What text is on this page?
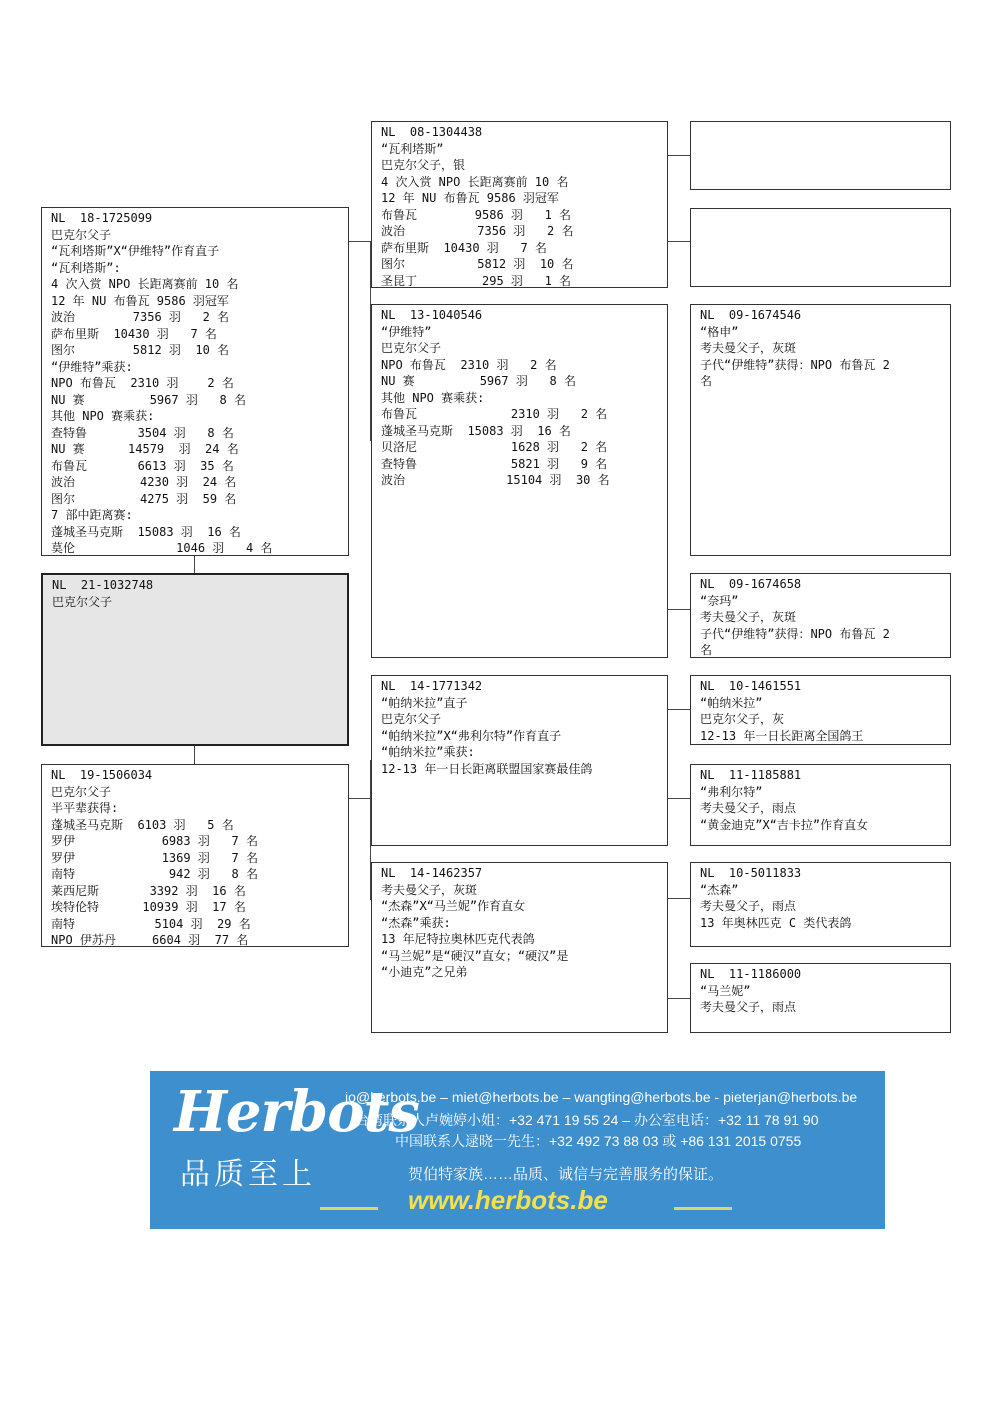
NL  18-1725099
巴克尔父子
“瓦利塔斯”X“伊维特”作育直子
“瓦利塔斯”:
4 次入赏 NPO 长距离赛前 10 名
12 年 NU 布鲁瓦 9586 羽冠军
波治        7356 羽   2 名
萨布里斯  10430 羽   7 名
图尔        5812 羽  10 名
“伊维特”乘获:
NPO 布鲁瓦  2310 羽    2 名
NU 赛         5967 羽   8 名
其他 NPO 赛乘获:
查特鲁       3504 羽   8 名
NU 赛      14579  羽  24 名
布鲁瓦       6613 羽  35 名
波治         4230 羽  24 名
图尔         4275 羽  59 名
7 部中距离赛:
蓬城圣马克斯  15083 羽  16 名
莫伦              1046 羽   4 名
NL  21-1032748
巴克尔父子
NL  19-1506034
巴克尔父子
半平辈获得:
蓬城圣马克斯  6103 羽   5 名
罗伊            6983 羽   7 名
罗伊            1369 羽   7 名
南特             942 羽   8 名
莱西尼斯       3392 羽  16 名
埃特伦特      10939 羽  17 名
南特           5104 羽  29 名
NPO 伊苏丹     6604 羽  77 名
NL  08-1304438
“瓦利塔斯”
巴克尔父子，银
4 次入赏 NPO 长距离赛前 10 名
12 年 NU 布鲁瓦 9586 羽冠军
布鲁瓦        9586 羽   1 名
波治          7356 羽   2 名
萨布里斯  10430 羽   7 名
图尔          5812 羽  10 名
圣昆丁         295 羽   1 名
NL  13-1040546
“伊维特”
巴克尔父子
NPO 布鲁瓦  2310 羽   2 名
NU 赛         5967 羽   8 名
其他 NPO 赛乘获:
布鲁瓦             2310 羽   2 名
蓬城圣马克斯  15083 羽  16 名
贝洛尼             1628 羽   2 名
查特鲁             5821 羽   9 名
波治              15104 羽  30 名
NL  14-1771342
“帕纳米拉”直子
巴克尔父子
“帕纳米拉”X“弗利尔特”作育直子
“帕纳米拉”乘获:
12-13 年一日长距离联盟国家赛最佳鸽
NL  14-1462357
考夫曼父子，灰斑
“杰森”X“马兰妮”作育直女
“杰森”乘获:
13 年尼特拉奥林匹克代表鸽
“马兰妮”是“硬汉”直女；“硬汉”是
“小迪克”之兄弟
NL  09-1674546
“格申”
考夫曼父子，灰斑
子代“伊维特”获得：NPO 布鲁瓦 2
名
NL  09-1674658
“奈玛”
考夫曼父子，灰斑
子代“伊维特”获得：NPO 布鲁瓦 2
名
NL  10-1461551
“帕纳米拉”
巴克尔父子，灰
12-13 年一日长距离全国鸽王
NL  11-1185881
“弗利尔特”
考夫曼父子，雨点
“黄金迪克”X“吉卡拉”作育直女
NL  10-5011833
“杰森”
考夫曼父子，雨点
13 年奥林匹克 C 类代表鸽
NL  11-1186000
“马兰妮”
考夫曼父子，雨点
Herbots
品质至上
jo@herbots.be – miet@herbots.be – wangting@herbots.be - pieterjan@herbots.be
台湾联系人卢婉婷小姐：+32 471 19 55 24 – 办公室电话：+32 11 78 91 90
中国联系人逯晓一先生：+32 492 73 88 03 或 +86 131 2015 0755
贺伯特家族……品质、诚信与完善服务的保证。
www.herbots.be
